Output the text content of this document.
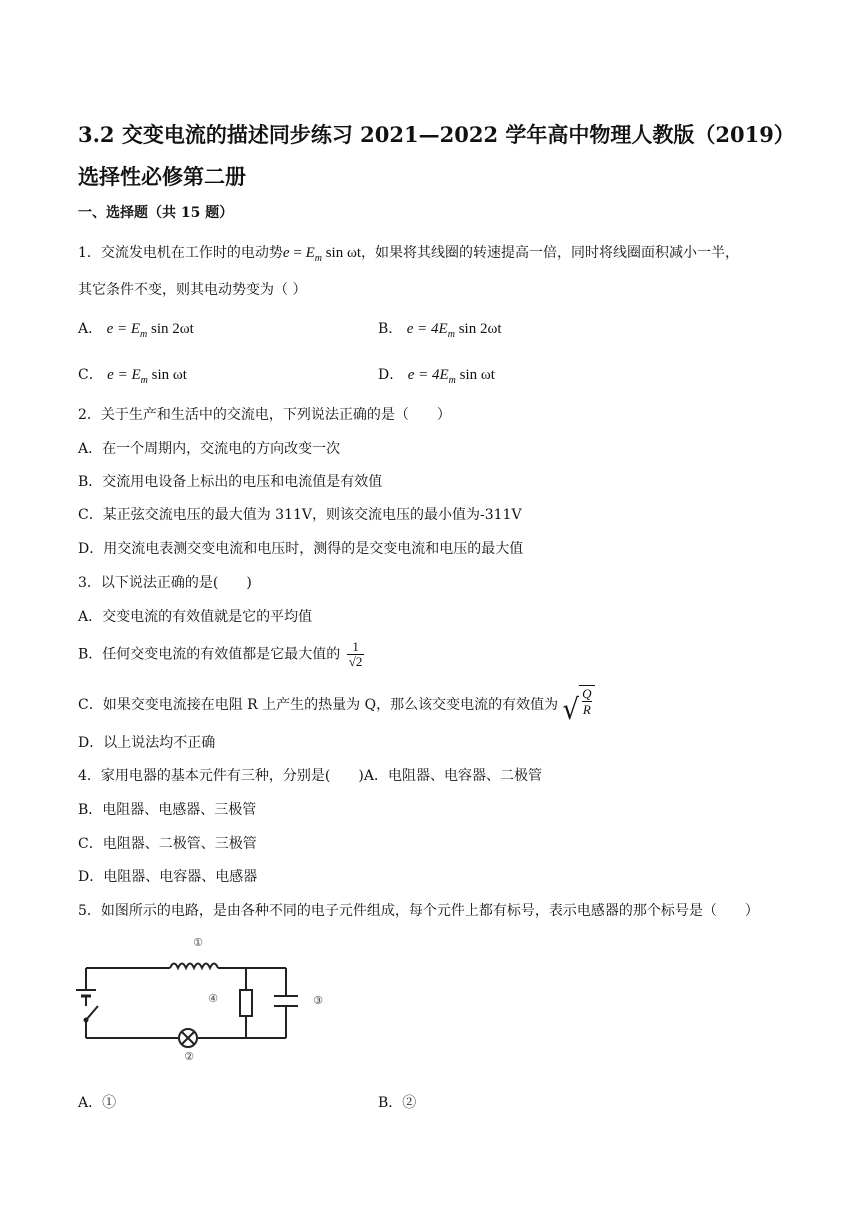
3.2 交变电流的描述同步练习 2021—2022 学年高中物理人教版（2019）
选择性必修第二册
一、选择题（共 15 题）
1．交流发电机在工作时的电动势$e = E_m$ sin ωt，如果将其线圈的转速提高一倍，同时将线圈面积减小一半，
其它条件不变，则其电动势变为（ ）
A． $e = E_m$ sin 2ωt	B． $e = 4E_m$ sin 2ωt
C． $e = E_m$ sin ωt	D． $e = 4E_m$ sin ωt
2．关于生产和生活中的交流电，下列说法正确的是（　　）
A．在一个周期内，交流电的方向改变一次
B．交流用电设备上标出的电压和电流值是有效值
C．某正弦交流电压的最大值为 311V，则该交流电压的最小值为-311V
D．用交流电表测交变电流和电压时，测得的是交变电流和电压的最大值
3．以下说法正确的是(　　)
A．交变电流的有效值就是它的平均值
B．任何交变电流的有效值都是它最大值的 $\frac{1}{√2}$
C．如果交变电流接在电阻 R 上产生的热量为 Q，那么该交变电流的有效值为 √ $\frac{Q}{R}$
D．以上说法均不正确
4．家用电器的基本元件有三种，分别是(　　)A．电阻器、电容器、二极管
B．电阻器、电感器、三极管
C．电阻器、二极管、三极管
D．电阻器、电容器、电感器
5．如图所示的电路，是由各种不同的电子元件组成，每个元件上都有标号，表示电感器的那个标号是（　　）
①
②
③
④
A．①	B．②
